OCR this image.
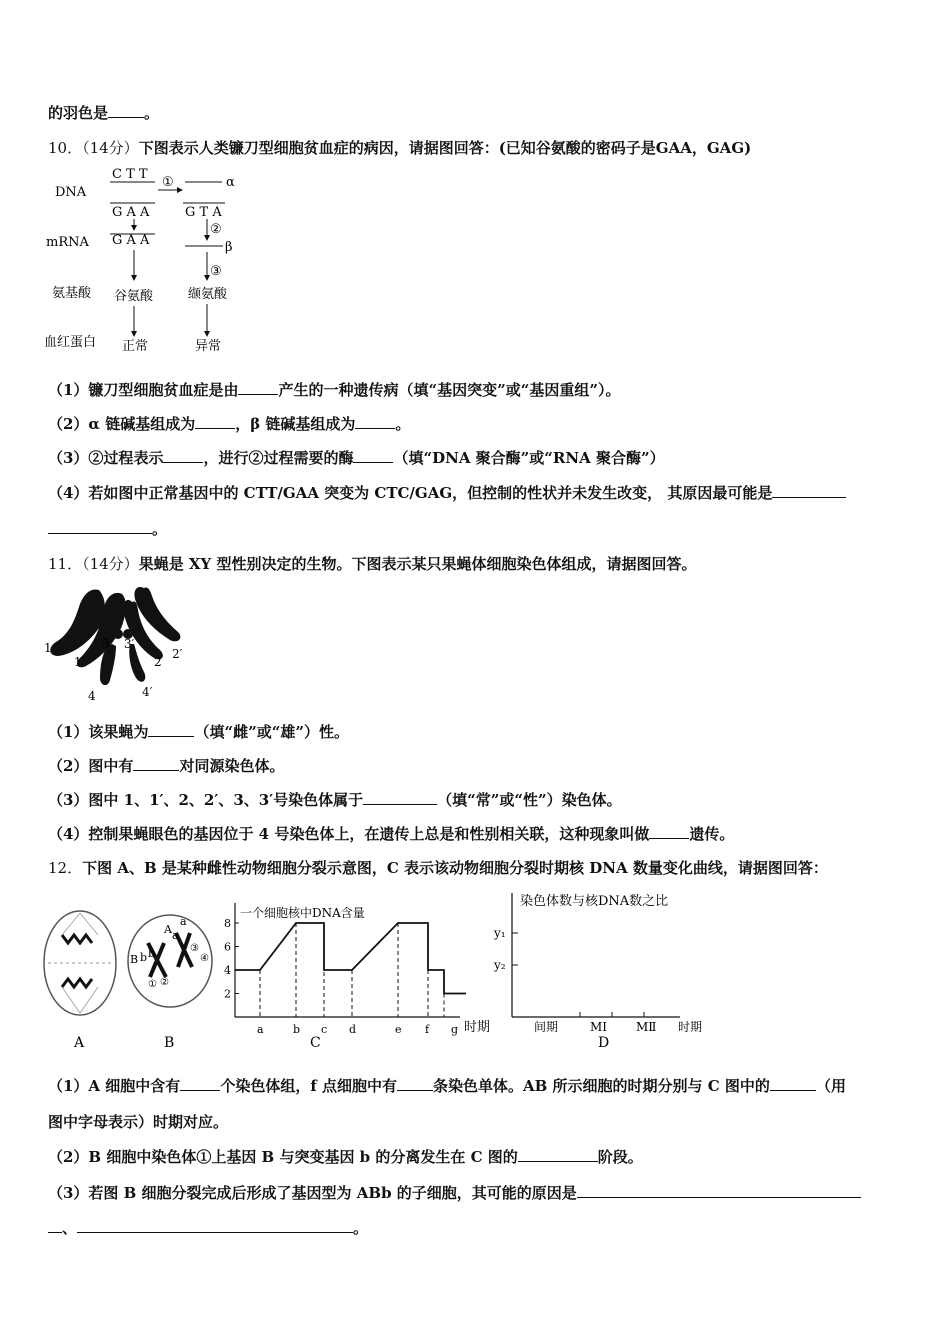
的羽色是 。
10．（14分）下图表示人类镰刀型细胞贫血症的病因，请据图回答：(已知谷氨酸的密码子是GAA，GAG)
DNA
mRNA
氨基酸
血红蛋白
C T T
①	α
G A A	G T A
G A A
②
β
③
谷氨酸	缬氨酸
正常	异常
（1）镰刀型细胞贫血症是由	产生的一种遗传病（填“基因突变”或“基因重组”）。
（2）α 链碱基组成为	，β 链碱基组成为	。
（3）②过程表示	，进行②过程需要的酶	（填“DNA 聚合酶”或“RNA 聚合酶”）
（4）若如图中正常基因中的 CTT/GAA 突变为 CTC/GAG，但控制的性状并未发生改变， 其原因最可能是
。
11．（14分）果蝇是 XY 型性别决定的生物。下图表示某只果蝇体细胞染色体组成，请据图回答。
1
1′
3 3′
2
2′
4	4′
（1）该果蝇为	（填“雌”或“雄”）性。
（2）图中有	对同源染色体。
（3）图中 1、1′、2、2′、3、3′号染色体属于	（填“常”或“性”）染色体。
（4）控制果蝇眼色的基因位于 4 号染色体上，在遗传上总是和性别相关联，这种现象叫做	遗传。
12．下图 A、B 是某种雌性动物细胞分裂示意图，C 表示该动物细胞分裂时期核 DNA 数量变化曲线，请据图回答：
A
a
A a
B b b
① ②
③
④
B
一个细胞核中DNA含量
2
4
6
8
a	b c d	e f g 时期
C
染色体数与核DNA数之比
y₁
y₂
间期	MⅠ MⅡ 时期
D
（1）A 细胞中含有	个染色体组，f 点细胞中有 条染色单体。AB 所示细胞的时期分别与 C 图中的	（用
图中字母表示）时期对应。
（2）B 细胞中染色体①上基因 B 与突变基因 b 的分离发生在 C 图的	阶段。
（3）若图 B 细胞分裂完成后形成了基因型为 ABb 的子细胞，其可能的原因是
、	。
